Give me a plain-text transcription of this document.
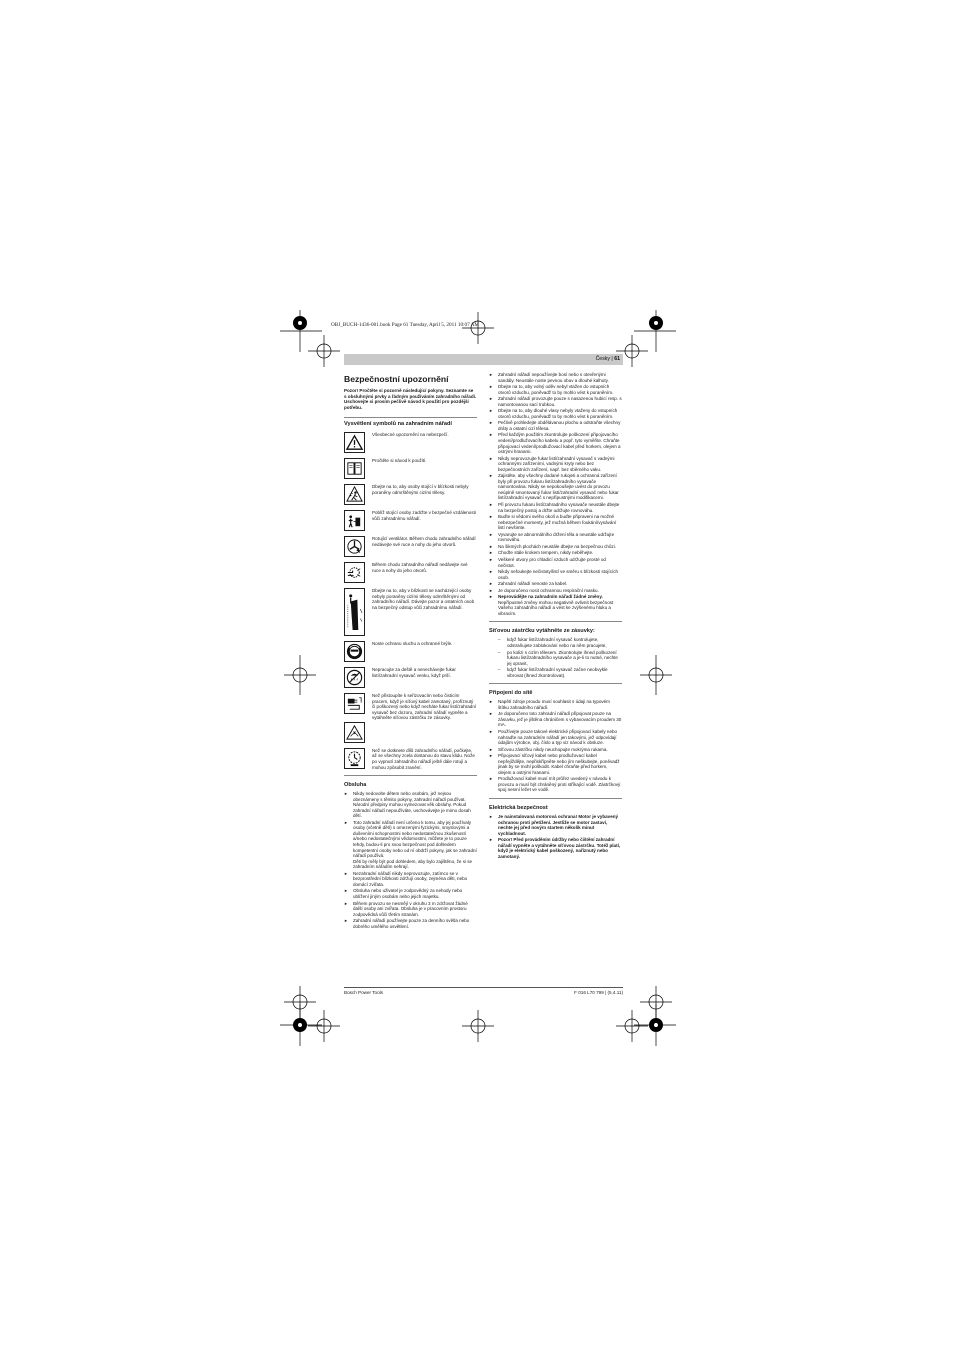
OBJ_BUCH-1436-001.book Page 61 Tuesday, April 5, 2011 10:07 AM
Česky | 61
Bezpečnostní upozornění
Pozor! Pročtěte si pozorně následující pokyny. Seznamte se s obsluhnými prvky a řádným používáním zahradního nářadí. Uschovejte si prosím pečlivě návod k použití pro pozdější potřebu.
Vysvětlení symbolů na zahradním nářadí
Všeobecné upozornění na nebezpečí.
Pročtěte si návod k použití.
Dbejte na to, aby osoby stojící v blízkosti nebyly poraněny odmrštěnými cizími tělesy.
Poblíž stojící osoby zadržte v bezpečné vzdálenosti vůči zahradnímu nářadí.
Rotující ventilátor. Během chodu zahradního nářadí nedávejte své ruce a nohy do jeho otvorů.
Během chodu zahradního nářadí nedávejte své ruce a nohy do jeho otvorů.
Dbejte na to, aby v blízkosti se nacházející osoby nebyly poraněny cizími tělesy odmrštěnými od zahradního nářadí. Dávejte pozor a ostatních osob na bezpečný odstup vůči zahradnímu nářadí.
Noste ochranu sluchu a ochranné brýle.
Nepracujte za deště a nenechávejte fukar listí/zahradní vysavač venku, když prší.
Než přistoupíte k seřizovacím nebo čisticím pracem, když je síťový kabel zamotaný, proříznutý či poškozený nebo když necháte fukar listí/zahradní vysavač bez dozoru, zahradní nářadí vypněte a vytáhněte síťovou zástrčku ze zásuvky.
Než se dotknete dílů zahradního nářadí, počkejte, až se všechny zcela dostanou do stavu klidu. Nože po vypnutí zahradního nářadí ještě dále rotují a mohou způsobit zranění.
Obsluha
► Nikdy nedovolte dětem nebo osobám, jež nejsou obeznámeny s těmito pokyny, zahradní nářadí používat. Národní předpisy mohou vymezovat věk obsluhy. Pokud zahradní nářadí nepoužíváte, uschovávejte je mimo dosah dětí.
► Toto zahradní nářadí není určeno k tomu, aby jej používaly osoby (včetně dětí) s omezenými fyzickými, smyslovými a duševními schopnostmi nebo nedostatečnou zkušeností a/nebo nedostatečnými vědomostmi, můžete je to pouze tehdy, budou-li pro svou bezpečnost pod dohledem kompetentní osoby nebo od ní obdrží pokyny, jak se zahradní nářadí používá.
Děti by měly být pod dohledem, aby bylo zajištěno, že si se zahradním nářadím nehrají.
► Nezahradní nářadí nikdy neprovozujte, zatímco se v bezprostřední blízkosti zdržují osoby, zejména děti, nebo domácí zvířata.
► Obsluha nebo uživatel je zodpovědný za nehody nebo ublížení jiným osobám nebo jejich majetku.
► Během provozu se nesmějí v okruhu 3 m zdržovat žádné další osoby ani zvířata. Obsluha je v pracovním prostoru zodpovědná vůči třetím stranám.
► Zahradní nářadí používejte pouze za denního světla nebo dobrého umělého osvětlení.
► Zahradní nářadí nepoužívejte bosí nebo s otevřenými sandály. Neustále noste pevnou obuv a dlouhé kalhoty.
► Dbejte na to, aby volný oděv nebyl vtažen do vstupních otvorů vzduchu, poněvadž to by mohlo vést k poraněním.
► Zahradní nářadí provozujte pouze s nasazenou hubicí resp. s namontovanou sací trubkou.
► Dbejte na to, aby dlouhé vlasy nebyly vtaženy do vstupních otvorů vzduchu, poněvadž to by mohlo vést k poraněním.
► Pečlivě prohledejte obdělávanou plochu a odstraňte všechny dráty a ostatní cizí tělesa.
► Před každým použitím zkontrolujte poškození připojovacího vedení/prodlužovacího kabelu a popř. tyto vyměňte. Chraňte připojovací vedení/prodlužovací kabel před horkem, olejem a ostrými hranami.
► Nikdy neprovozujte fukar listí/zahradní vysavač s vadnými ochrannými zařízeními, vadnými kryty nebo bez bezpečnostních zařízení, např. bez sběrného vaku.
► Zajistěte, aby všechny dodané rukojeti a ochranná zařízení byly při provozu fukaru listí/zahradního vysavače namontována. Nikdy se nepokoušejte uvést do provozu neúplně smontovaný fukar listí/zahradní vysavač nebo fukar listí/zahradní vysavač s nepřípustnými modifikacemi.
► Při provozu fukaru listí/zahradního vysavače neustále dbejte na bezpečný postoj a držte udržujte rovnováhu.
► Buďte si vědomi svého okolí a buďte připraveni na možné nebezpečné momenty, jež možná během foukání/vysávání listí nevšimte.
► Vyvarujte se abnormálního držení těla a neustále udržujte rovnováhu.
► Na šikmých plochách neustále dbejte na bezpečnou chůzi.
► Choďte stále krokem tempem, nikdy neběhejte.
► Veškeré otvory pro chladicí vzduch udržujte prosté od nečistot.
► Nikdy nefoukejte nečistoty/listí ve směru s blízkosti stojících osob.
► Zahradní nářadí nenoste za kabel.
► Je doporučeno nosit ochrannou respirační masku.
► Neprovádějte na zahradním nářadí žádné změny. Nepřípustné změny mohou negativně ovlivnit bezpečnost Vašeho zahradního nářadí a vést ke zvýšenému hluku a vibracím.
Síťovou zástrčku vytáhněte ze zásuvky:
– když fukar listí/zahradní vysavač kontrolujete, odstraňujete zablokování nebo na něm pracujete,
– po kolizi s cizím tělesem. Zkontrolujte ihned poškození fukaru listí/zahradního vysavače a je-li to nutné, nechte jej opravit,
– když fukar listí/zahradní vysavač začne neobvykle vibrovat (ihned zkontrolovat).
Připojení do sítě
► Napětí zdroje proudu musí souhlasit s údaji na typovém štítku zahradního nářadí.
► Je doporučeno toto zahradní nářadí připojovat pouze na zásuvku, jež je jištěna chráničem s vybavovacím proudem 30 mA.
► Používejte pouze takové elektrické připojovací kabely nebo nahraďte na zahradním nářadí jen takovými, jež odpovídají údajům výrobce, obj. číslo a typ viz návod k obsluze.
► Síťovou zástrčku nikdy neuchopujte mokrýma rukama.
► Připojovací síťový kabel nebo prodlužovací kabel nepřejíždějte, nepřiskřípněte nebo jím neškubejte, poněvadž jinak by se mohl poškodit. Kabel chraňte před horkem, olejem a ostrými hranami.
► Prodlužovací kabel musí mít průřez uvedený v návodu k provozu a musí být chráněný proti stříkající vodě. Zástrčkový spoj nesmí ležet ve vodě.
Elektrická bezpečnost
► Je nainstalovaná motorová ochrana! Motor je vybavený ochranou proti přetížení. Jestliže se motor zastaví, nechte jej před novým startem několik minut vychladnout.
► Pozor! Před prováděním údržby nebo čištění zahradní nářadí vypněte a vytáhněte síťovou zástrčku. Totéž platí, když je elektrický kabel poškozený, naříznutý nebo zamotaný.
Bosch Power Tools	F 016 L70 799 | (5.4.11)
